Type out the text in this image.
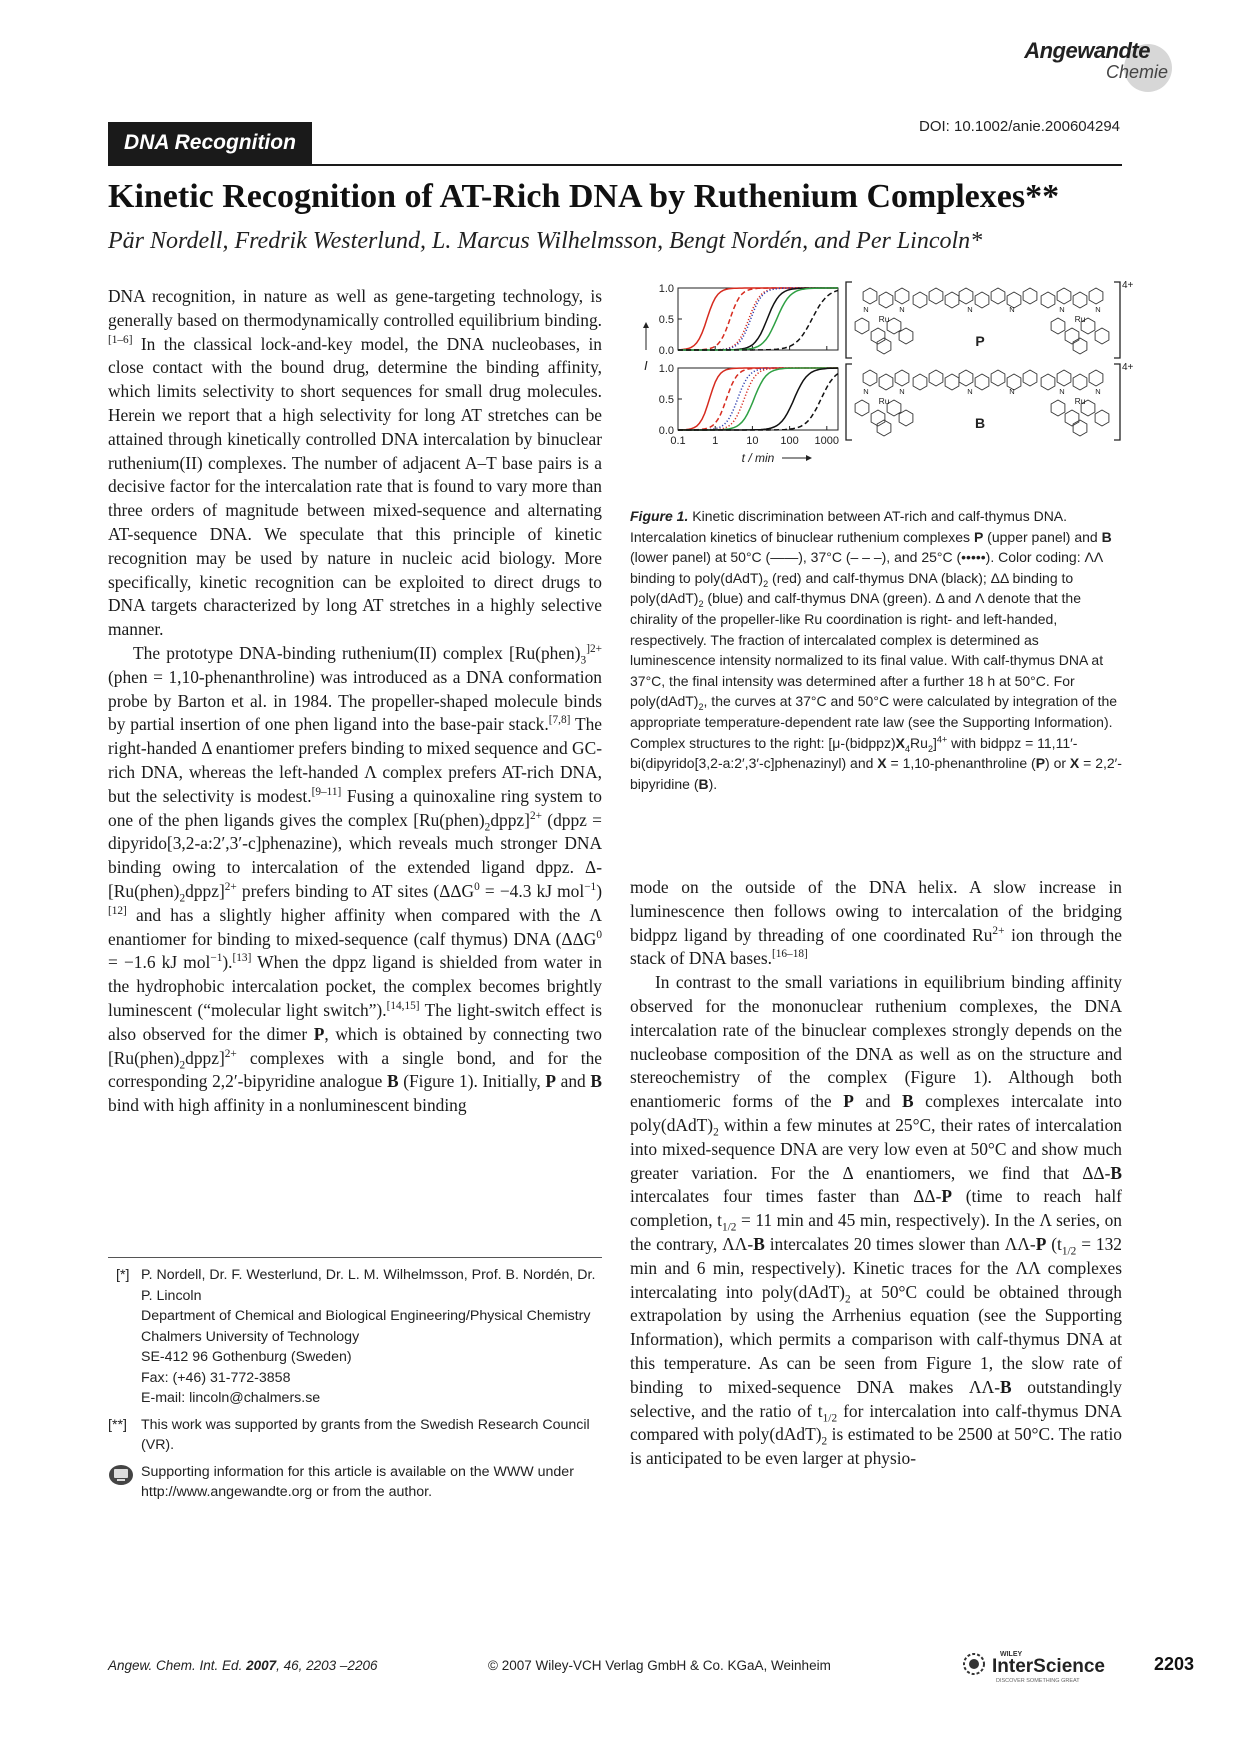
Angewandte
Chemie
DNA Recognition
DOI: 10.1002/anie.200604294
Kinetic Recognition of AT-Rich DNA by Ruthenium Complexes**
Pär Nordell, Fredrik Westerlund, L. Marcus Wilhelmsson, Bengt Nordén, and Per Lincoln*

DNA recognition, in nature as well as gene-targeting technology, is generally based on thermodynamically controlled equilibrium binding.[1–6] In the classical lock-and-key model, the DNA nucleobases, in close contact with the bound drug, determine the binding affinity, which limits selectivity to short sequences for small drug molecules. Herein we report that a high selectivity for long AT stretches can be attained through kinetically controlled DNA intercalation by binuclear ruthenium(II) complexes. The number of adjacent A–T base pairs is a decisive factor for the intercalation rate that is found to vary more than three orders of magnitude between mixed-sequence and alternating AT-sequence DNA. We speculate that this principle of kinetic recognition may be used by nature in nucleic acid biology. More specifically, kinetic recognition can be exploited to direct drugs to DNA targets characterized by long AT stretches in a highly selective manner.

The prototype DNA-binding ruthenium(II) complex [$Ru(phen)_3^{]2+}$ (phen = 1,10-phenanthroline) was introduced as a DNA conformation probe by Barton et al. in 1984. The propeller-shaped molecule binds by partial insertion of one phen ligand into the base-pair stack.[7,8] The right-handed Δ enantiomer prefers binding to mixed sequence and GC-rich DNA, whereas the left-handed Λ complex prefers AT-rich DNA, but the selectivity is modest.[9–11] Fusing a quinoxaline ring system to one of the phen ligands gives the complex $[Ru(phen)_2dppz]^{2+}$ (dppz = dipyrido[3,2-a:2′,3′-c]phenazine), which reveals much stronger DNA binding owing to intercalation of the extended ligand dppz. $\Delta-[Ru(phen)_2dppz]^{2+}$ prefers binding to AT sites ($\Delta\Delta G^0 = -4.3$ kJ mol$^{-1}$)[12] and has a slightly higher affinity when compared with the Λ enantiomer for binding to mixed-sequence (calf thymus) DNA ($\Delta\Delta G^0 = -1.6$ kJ mol$^{-1}$).[13] When the dppz ligand is shielded from water in the hydrophobic intercalation pocket, the complex becomes brightly luminescent (“molecular light switch”).[14,15] The light-switch effect is also observed for the dimer P, which is obtained by connecting two $[Ru(phen)_2dppz]^{2+}$ complexes with a single bond, and for the corresponding 2,2′-bipyridine analogue B (Figure 1). Initially, P and B bind with high affinity in a nonluminescent binding

[*] P. Nordell, Dr. F. Westerlund, Dr. L. M. Wilhelmsson, Prof. B. Nordén, Dr. P. Lincoln
Department of Chemical and Biological Engineering/Physical Chemistry
Chalmers University of Technology
SE-412 96 Gothenburg (Sweden)
Fax: (+46) 31-772-3858
E-mail: lincoln@chalmers.se
[**] This work was supported by grants from the Swedish Research Council (VR).
Supporting information for this article is available on the WWW under http://www.angewandte.org or from the author.
1.0
0.5
0.0
1.0
0.5
0.0
0.1 1	10 100 1000
t / min
I
4+
Ru	Ru
N	N	N	N
N	N
P
4+
Ru	Ru
N	N	N	N
N	N
B
Figure 1. Kinetic discrimination between AT-rich and calf-thymus DNA. Intercalation kinetics of binuclear ruthenium complexes P (upper panel) and B (lower panel) at 50°C (——), 37°C (– – –), and 25°C (•••••). Color coding: ΛΛ binding to $poly(dAdT)_2$ (red) and calf-thymus DNA (black); ΔΔ binding to $poly(dAdT)_2$ (blue) and calf-thymus DNA (green). Δ and Λ denote that the chirality of the propeller-like Ru coordination is right- and left-handed, respectively. The fraction of intercalated complex is determined as luminescence intensity normalized to its final value. With calf-thymus DNA at 37°C, the final intensity was determined after a further 18 h at 50°C. For $poly(dAdT)_2$, the curves at 37°C and 50°C were calculated by integration of the appropriate temperature-dependent rate law (see the Supporting Information). Complex structures to the right: $[\mu-(bidppz)X_4Ru_2]^{4+}$ with bidppz = 11,11′-bi(dipyrido[3,2-a:2′,3′-c]phenazinyl) and X = 1,10-phenanthroline (P) or X = 2,2′-bipyridine (B).

mode on the outside of the DNA helix. A slow increase in luminescence then follows owing to intercalation of the bridging bidppz ligand by threading of one coordinated $Ru^{2+}$ ion through the stack of DNA bases.[16–18]

In contrast to the small variations in equilibrium binding affinity observed for the mononuclear ruthenium complexes, the DNA intercalation rate of the binuclear complexes strongly depends on the nucleobase composition of the DNA as well as on the structure and stereochemistry of the complex (Figure 1). Although both enantiomeric forms of the P and B complexes intercalate into $poly(dAdT)_2$ within a few minutes at 25°C, their rates of intercalation into mixed-sequence DNA are very low even at 50°C and show much greater variation. For the Δ enantiomers, we find that ΔΔ-B intercalates four times faster than ΔΔ-P (time to reach half completion, $t_{1/2} = 11$ min and 45 min, respectively). In the Λ series, on the contrary, ΛΛ-B intercalates 20 times slower than ΛΛ-P ($t_{1/2} = 132$ min and 6 min, respectively). Kinetic traces for the ΛΛ complexes intercalating into $poly(dAdT)_2$ at 50°C could be obtained through extrapolation by using the Arrhenius equation (see the Supporting Information), which permits a comparison with calf-thymus DNA at this temperature. As can be seen from Figure 1, the slow rate of binding to mixed-sequence DNA makes ΛΛ-B outstandingly selective, and the ratio of $t_{1/2}$ for intercalation into calf-thymus DNA compared with $poly(dAdT)_2$ is estimated to be 2500 at 50°C. The ratio is anticipated to be even larger at physio-

Angew. Chem. Int. Ed. 2007, 46, 2203 –2206	© 2007 Wiley-VCH Verlag GmbH & Co. KGaA, Weinheim
WILEY
InterScience
DISCOVER SOMETHING GREAT
2203
